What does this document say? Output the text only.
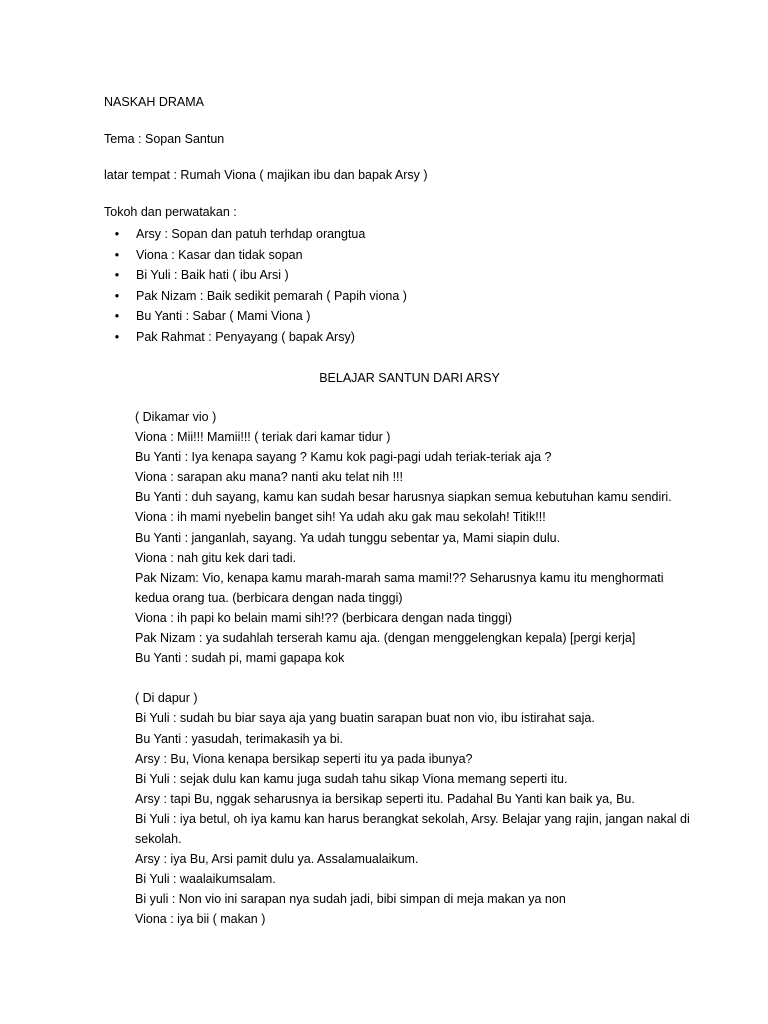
NASKAH DRAMA

Tema : Sopan Santun

latar tempat : Rumah Viona ( majikan ibu dan bapak Arsy )

Tokoh dan perwatakan :

• Arsy : Sopan dan patuh terhdap orangtua
• Viona : Kasar dan tidak sopan
• Bi Yuli : Baik hati ( ibu Arsi )
• Pak Nizam : Baik sedikit pemarah ( Papih viona )
• Bu Yanti : Sabar ( Mami Viona )
• Pak Rahmat : Penyayang ( bapak Arsy)
BELAJAR SANTUN DARI ARSY
( Dikamar vio )
Viona : Mii!!! Mamii!!! ( teriak dari kamar tidur )
Bu Yanti : Iya kenapa sayang ? Kamu kok pagi-pagi udah teriak-teriak aja ?
Viona : sarapan aku mana? nanti aku telat nih !!!
Bu Yanti : duh sayang, kamu kan sudah besar harusnya siapkan semua kebutuhan kamu sendiri.
Viona : ih mami nyebelin banget sih! Ya udah aku gak mau sekolah! Titik!!!
Bu Yanti : janganlah, sayang. Ya udah tunggu sebentar ya, Mami siapin dulu.
Viona : nah gitu kek dari tadi.
Pak Nizam: Vio, kenapa kamu marah-marah sama mami!?? Seharusnya kamu itu menghormati kedua orang tua. (berbicara dengan nada tinggi)
Viona : ih papi ko belain mami sih!?? (berbicara dengan nada tinggi)
Pak Nizam : ya sudahlah terserah kamu aja. (dengan menggelengkan kepala) [pergi kerja]
Bu Yanti : sudah pi, mami gapapa kok
( Di dapur )
Bi Yuli : sudah bu biar saya aja yang buatin sarapan buat non vio, ibu istirahat saja.
Bu Yanti : yasudah, terimakasih ya bi.
Arsy : Bu, Viona kenapa bersikap seperti itu ya pada ibunya?
Bi Yuli : sejak dulu kan kamu juga sudah tahu sikap Viona memang seperti itu.
Arsy : tapi Bu, nggak seharusnya ia bersikap seperti itu. Padahal Bu Yanti kan baik ya, Bu.
Bi Yuli : iya betul, oh iya kamu kan harus berangkat sekolah, Arsy. Belajar yang rajin, jangan nakal di sekolah.
Arsy : iya Bu, Arsi pamit dulu ya. Assalamualaikum.
Bi Yuli : waalaikumsalam.
Bi yuli : Non vio ini sarapan nya sudah jadi, bibi simpan di meja makan ya non
Viona : iya bii ( makan )
